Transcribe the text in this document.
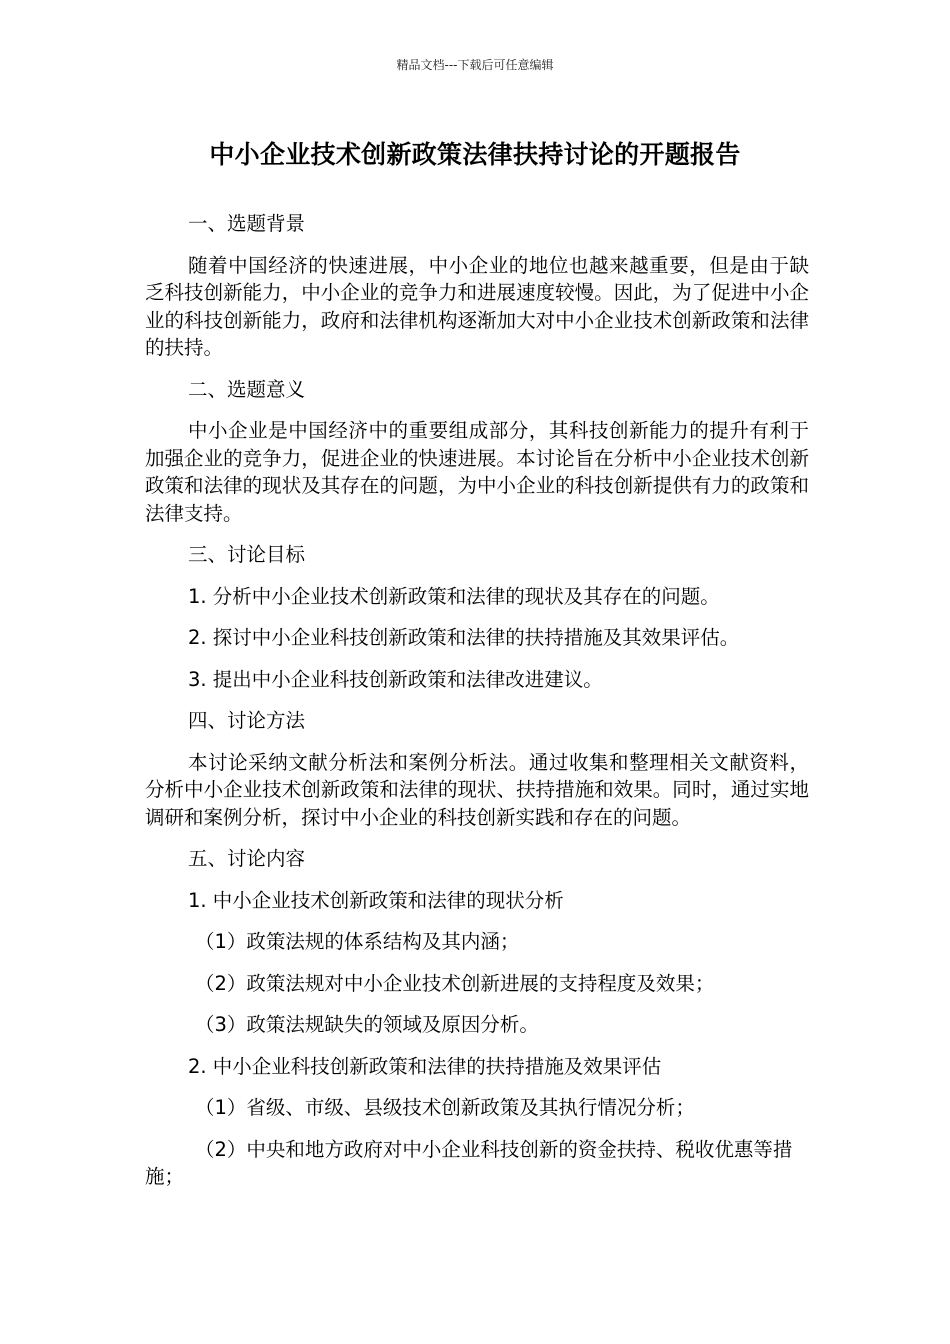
精品文档---下载后可任意编辑
中小企业技术创新政策法律扶持讨论的开题报告

一、选题背景

随着中国经济的快速进展，中小企业的地位也越来越重要，但是由于缺乏科技创新能力，中小企业的竞争力和进展速度较慢。因此，为了促进中小企业的科技创新能力，政府和法律机构逐渐加大对中小企业技术创新政策和法律的扶持。

二、选题意义

中小企业是中国经济中的重要组成部分，其科技创新能力的提升有利于加强企业的竞争力，促进企业的快速进展。本讨论旨在分析中小企业技术创新政策和法律的现状及其存在的问题，为中小企业的科技创新提供有力的政策和法律支持。

三、讨论目标

1. 分析中小企业技术创新政策和法律的现状及其存在的问题。

2. 探讨中小企业科技创新政策和法律的扶持措施及其效果评估。

3. 提出中小企业科技创新政策和法律改进建议。

四、讨论方法

本讨论采纳文献分析法和案例分析法。通过收集和整理相关文献资料，分析中小企业技术创新政策和法律的现状、扶持措施和效果。同时，通过实地调研和案例分析，探讨中小企业的科技创新实践和存在的问题。

五、讨论内容

1. 中小企业技术创新政策和法律的现状分析

（1）政策法规的体系结构及其内涵；

（2）政策法规对中小企业技术创新进展的支持程度及效果；

（3）政策法规缺失的领域及原因分析。

2. 中小企业科技创新政策和法律的扶持措施及效果评估

（1）省级、市级、县级技术创新政策及其执行情况分析；

（2）中央和地方政府对中小企业科技创新的资金扶持、税收优惠等措施；
